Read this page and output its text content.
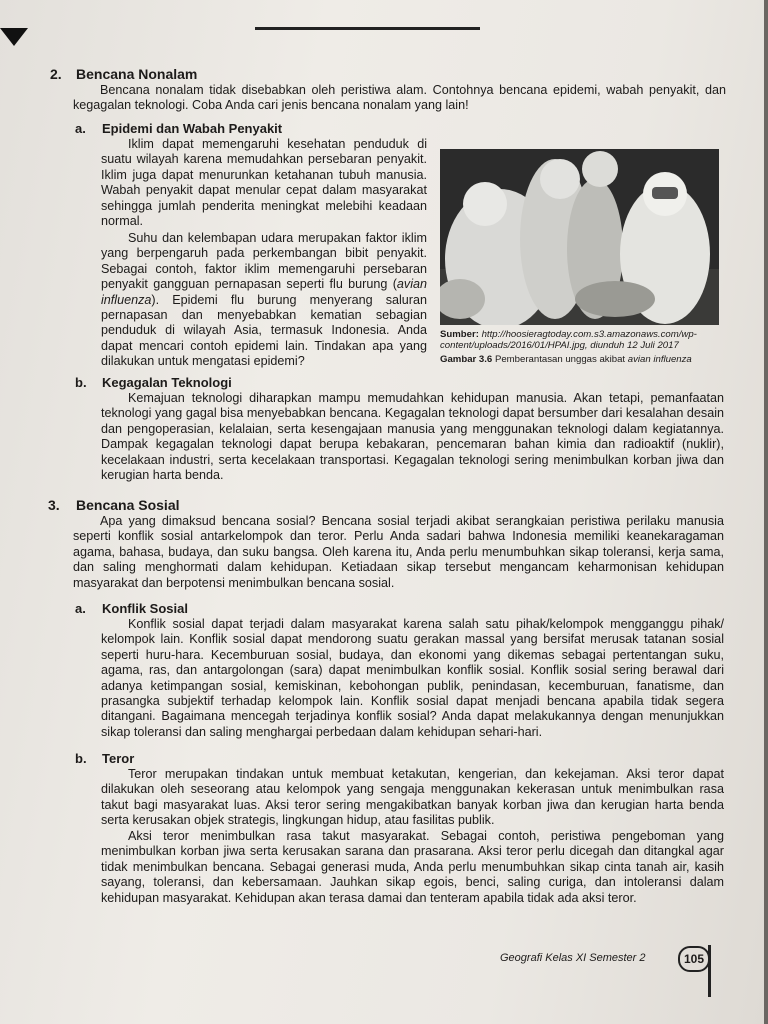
2. Bencana Nonalam

Bencana nonalam tidak disebabkan oleh peristiwa alam. Contohnya bencana epidemi, wabah penyakit, dan kegagalan teknologi. Coba Anda cari jenis bencana nonalam yang lain!

a. Epidemi dan Wabah Penyakit

Iklim dapat memengaruhi kesehatan penduduk di suatu wilayah karena memudahkan persebaran penyakit. Iklim juga dapat menurunkan ketahanan tubuh manusia. Wabah penyakit dapat menular cepat dalam masyarakat sehingga jumlah penderita meningkat melebihi keadaan normal.

Suhu dan kelembapan udara merupakan faktor iklim yang berpengaruh pada perkembangan bibit penyakit. Sebagai contoh, faktor iklim memengaruhi persebaran penyakit gangguan pernapasan seperti flu burung (avian influenza). Epidemi flu burung menyerang saluran pernapasan dan menyebabkan kematian sebagian penduduk di wilayah Asia, termasuk Indonesia. Anda dapat mencari contoh epidemi lain. Tindakan apa yang dilakukan untuk mengatasi epidemi?

Sumber: http://hoosieragtoday.com.s3.amazonaws.com/wp-content/uploads/2016/01/HPAI.jpg, diunduh 12 Juli 2017
Gambar 3.6 Pemberantasan unggas akibat avian influenza
b. Kegagalan Teknologi

Kemajuan teknologi diharapkan mampu memudahkan kehidupan manusia. Akan tetapi, pemanfaatan teknologi yang gagal bisa menyebabkan bencana. Kegagalan teknologi dapat bersumber dari kesalahan desain dan pengoperasian, kelalaian, serta kesengajaan manusia yang menggunakan teknologi dalam kegiatannya. Dampak kegagalan teknologi dapat berupa kebakaran, pencemaran bahan kimia dan radioaktif (nuklir), kecelakaan industri, serta kecelakaan transportasi. Kegagalan teknologi sering menimbulkan korban jiwa dan kerugian harta benda.

3. Bencana Sosial

Apa yang dimaksud bencana sosial? Bencana sosial terjadi akibat serangkaian peristiwa perilaku manusia seperti konflik sosial antarkelompok dan teror. Perlu Anda sadari bahwa Indonesia memiliki keanekaragaman agama, bahasa, budaya, dan suku bangsa. Oleh karena itu, Anda perlu menumbuhkan sikap toleransi, kerja sama, dan saling menghormati dalam kehidupan. Ketiadaan sikap tersebut mengancam keharmonisan kehidupan masyarakat dan berpotensi menimbulkan bencana sosial.

a. Konflik Sosial

Konflik sosial dapat terjadi dalam masyarakat karena salah satu pihak/kelompok mengganggu pihak/ kelompok lain. Konflik sosial dapat mendorong suatu gerakan massal yang bersifat merusak tatanan sosial seperti huru-hara. Kecemburuan sosial, budaya, dan ekonomi yang dikemas sebagai pertentangan suku, agama, ras, dan antargolongan (sara) dapat menimbulkan konflik sosial. Konflik sosial sering berawal dari adanya ketimpangan sosial, kemiskinan, kebohongan publik, penindasan, kecemburuan, fanatisme, dan prasangka subjektif terhadap kelompok lain. Konflik sosial dapat menjadi bencana apabila tidak segera ditangani. Bagaimana mencegah terjadinya konflik sosial? Anda dapat melakukannya dengan menunjukkan sikap toleransi dan saling menghargai perbedaan dalam kehidupan sehari-hari.

b. Teror

Teror merupakan tindakan untuk membuat ketakutan, kengerian, dan kekejaman. Aksi teror dapat dilakukan oleh seseorang atau kelompok yang sengaja menggunakan kekerasan untuk menimbulkan rasa takut bagi masyarakat luas. Aksi teror sering mengakibatkan banyak korban jiwa dan kerugian harta benda serta kerusakan objek strategis, lingkungan hidup, atau fasilitas publik.

Aksi teror menimbulkan rasa takut masyarakat. Sebagai contoh, peristiwa pengeboman yang menimbulkan korban jiwa serta kerusakan sarana dan prasarana. Aksi teror perlu dicegah dan ditangkal agar tidak menimbulkan bencana. Sebagai generasi muda, Anda perlu menumbuhkan sikap cinta tanah air, kasih sayang, toleransi, dan kebersamaan. Jauhkan sikap egois, benci, saling curiga, dan intoleransi dalam kehidupan masyarakat. Kehidupan akan terasa damai dan tenteram apabila tidak ada aksi teror.

Geografi Kelas XI Semester 2	105
